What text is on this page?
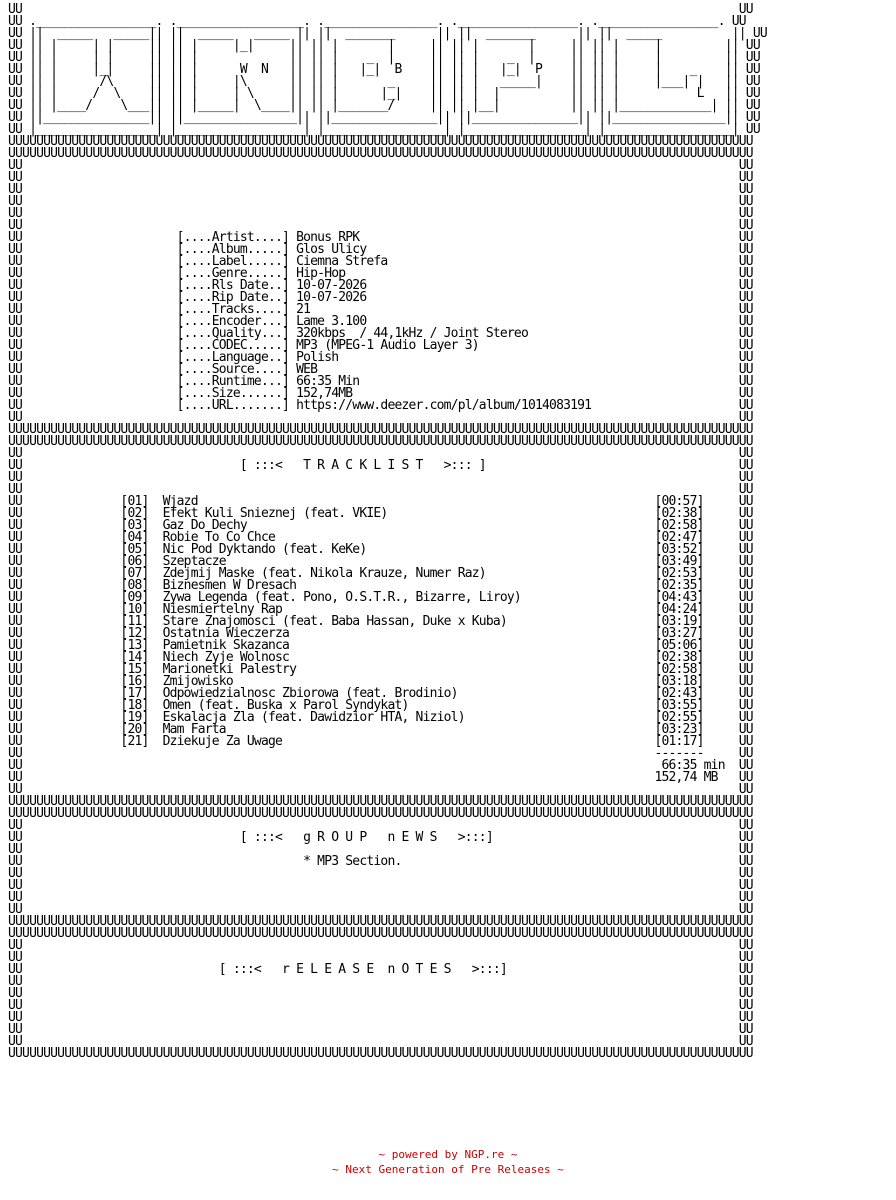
UU                                                                                                      UU
UU ._________________. .__________________. .________________. ._________________. ._________________. UU
UU ||  _____   _____|| ||  _____   _____ || ||  _______      || ||  _______      || ||  _____          || UU
UU || |     | |     || || |     |_|     || || |       |     || || |       |     || || |     |         || UU
UU || |     | |     || || |             || || |    _  |     || || |    _  |     || || |     |         || UU
UU || |     |_|     || || |      W  N   || || |   |_|  B    || || |   |_|  P    || || |     |    _    || UU
UU || |      /\     || || |     |\      || || |       _     || || |   _____|    || || |     |___| |   || UU
UU || |     /  \    || || |     | \     || || |      |_|    || || |  |          || || |           L   || UU
UU || |____/    \___|| || |_____|  \____|| || |_______/     || || |__|          || || |_____________| || UU
UU ||_______________|| ||________________|| ||_______________|| ||_______________|| ||________________|| UU
UU |_________________| |__________________| |_________________| |_________________| |__________________| UU
UUUUUUUUUUUUUUUUUUUUUUUUUUUUUUUUUUUUUUUUUUUUUUUUUUUUUUUUUUUUUUUUUUUUUUUUUUUUUUUUUUUUUUUUUUUUUUUUUUUUUUUUUU
UUUUUUUUUUUUUUUUUUUUUUUUUUUUUUUUUUUUUUUUUUUUUUUUUUUUUUUUUUUUUUUUUUUUUUUUUUUUUUUUUUUUUUUUUUUUUUUUUUUUUUUUUU
UU                                                                                                      UU
UU                                                                                                      UU
UU                                                                                                      UU
UU                                                                                                      UU
UU                                                                                                      UU
UU                                                                                                      UU
UU                      [....Artist....] Bonus RPK                                                      UU
UU                      [....Album.....] Glos Ulicy                                                     UU
UU                      [....Label.....] Ciemna Strefa                                                  UU
UU                      [....Genre.....] Hip-Hop                                                        UU
UU                      [....Rls Date..] 10-07-2026                                                     UU
UU                      [....Rip Date..] 10-07-2026                                                     UU
UU                      [....Tracks....] 21                                                             UU
UU                      [....Encoder...] Lame 3.100                                                     UU
UU                      [....Quality...] 320kbps  / 44,1kHz / Joint Stereo                              UU
UU                      [....CODEC.....] MP3 (MPEG-1 Audio Layer 3)                                     UU
UU                      [....Language..] Polish                                                         UU
UU                      [....Source....] WEB                                                            UU
UU                      [....Runtime...] 66:35 Min                                                      UU
UU                      [....Size......] 152,74MB                                                       UU
UU                      [....URL.......] https://www.deezer.com/pl/album/1014083191                     UU
UU                                                                                                      UU
UUUUUUUUUUUUUUUUUUUUUUUUUUUUUUUUUUUUUUUUUUUUUUUUUUUUUUUUUUUUUUUUUUUUUUUUUUUUUUUUUUUUUUUUUUUUUUUUUUUUUUUUUU
UUUUUUUUUUUUUUUUUUUUUUUUUUUUUUUUUUUUUUUUUUUUUUUUUUUUUUUUUUUUUUUUUUUUUUUUUUUUUUUUUUUUUUUUUUUUUUUUUUUUUUUUUU
UU                                                                                                      UU
UU                               [ :::<   T R A C K L I S T   >::: ]                                    UU
UU                                                                                                      UU
UU                                                                                                      UU
UU              [01]  Wjazd                                                                 [00:57]     UU
UU              [02]  Efekt Kuli Snieznej (feat. VKIE)                                      [02:38]     UU
UU              [03]  Gaz Do Dechy                                                          [02:58]     UU
UU              [04]  Robie To Co Chce                                                      [02:47]     UU
UU              [05]  Nic Pod Dyktando (feat. KeKe)                                         [03:52]     UU
UU              [06]  Szeptacze                                                             [03:49]     UU
UU              [07]  Zdejmij Maske (feat. Nikola Krauze, Numer Raz)                        [02:53]     UU
UU              [08]  Biznesmen W Dresach                                                   [02:35]     UU
UU              [09]  Zywa Legenda (feat. Pono, O.S.T.R., Bizarre, Liroy)                   [04:43]     UU
UU              [10]  Niesmiertelny Rap                                                     [04:24]     UU
UU              [11]  Stare Znajomosci (feat. Baba Hassan, Duke x Kuba)                     [03:19]     UU
UU              [12]  Ostatnia Wieczerza                                                    [03:27]     UU
UU              [13]  Pamietnik Skazanca                                                    [05:06]     UU
UU              [14]  Niech Zyje Wolnosc                                                    [02:38]     UU
UU              [15]  Marionetki Palestry                                                   [02:58]     UU
UU              [16]  Zmijowisko                                                            [03:18]     UU
UU              [17]  Odpowiedzialnosc Zbiorowa (feat. Brodinio)                            [02:43]     UU
UU              [18]  Omen (feat. Buska x Parol Syndykat)                                   [03:55]     UU
UU              [19]  Eskalacja Zla (feat. Dawidzior HTA, Niziol)                           [02:55]     UU
UU              [20]  Mam Farta                                                             [03:23]     UU
UU              [21]  Dziekuje Za Uwage                                                     [01:17]     UU
UU                                                                                          -------     UU
UU                                                                                           66:35 min  UU
UU                                                                                          152,74 MB   UU
UU                                                                                                      UU
UUUUUUUUUUUUUUUUUUUUUUUUUUUUUUUUUUUUUUUUUUUUUUUUUUUUUUUUUUUUUUUUUUUUUUUUUUUUUUUUUUUUUUUUUUUUUUUUUUUUUUUUUU
UUUUUUUUUUUUUUUUUUUUUUUUUUUUUUUUUUUUUUUUUUUUUUUUUUUUUUUUUUUUUUUUUUUUUUUUUUUUUUUUUUUUUUUUUUUUUUUUUUUUUUUUUU
UU                                                                                                      UU
UU                               [ :::<   g R O U P   n E W S   >:::]                                   UU
UU                                                                                                      UU
UU                                        * MP3 Section.                                                UU
UU                                                                                                      UU
UU                                                                                                      UU
UU                                                                                                      UU
UU                                                                                                      UU
UUUUUUUUUUUUUUUUUUUUUUUUUUUUUUUUUUUUUUUUUUUUUUUUUUUUUUUUUUUUUUUUUUUUUUUUUUUUUUUUUUUUUUUUUUUUUUUUUUUUUUUUUU
UUUUUUUUUUUUUUUUUUUUUUUUUUUUUUUUUUUUUUUUUUUUUUUUUUUUUUUUUUUUUUUUUUUUUUUUUUUUUUUUUUUUUUUUUUUUUUUUUUUUUUUUUU
UU                                                                                                      UU
UU                                                                                                      UU
UU                            [ :::<   r E L E A S E  n O T E S   >:::]                                 UU
UU                                                                                                      UU
UU                                                                                                      UU
UU                                                                                                      UU
UU                                                                                                      UU
UU                                                                                                      UU
UU                                                                                                      UU
UUUUUUUUUUUUUUUUUUUUUUUUUUUUUUUUUUUUUUUUUUUUUUUUUUUUUUUUUUUUUUUUUUUUUUUUUUUUUUUUUUUUUUUUUUUUUUUUUUUUUUUUUU
~ powered by NGP.re ~
~ Next Generation of Pre Releases ~
